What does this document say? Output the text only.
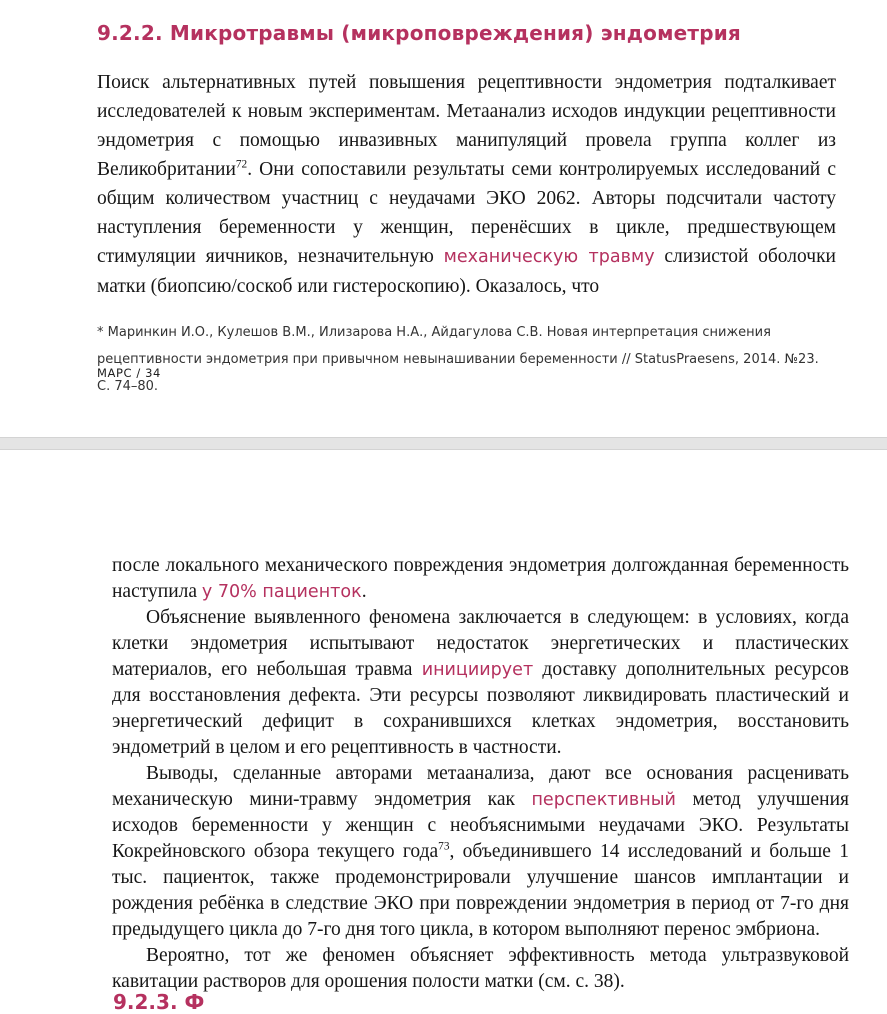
9.2.2. Микротравмы (микроповреждения) эндометрия

Поиск альтернативных путей повышения рецептивности эндометрия подталкивает исследователей к новым экспериментам. Метаанализ исходов индукции рецептивности эндометрия с помощью инвазивных манипуляций провела группа коллег из Великобритании$^{72}$. Они сопоставили результаты семи контролируемых исследований с общим количеством участниц с неудачами ЭКО 2062. Авторы подсчитали частоту наступления беременности у женщин, перенёсших в цикле, предшествующем стимуляции яичников, незначительную механическую травму слизистой оболочки матки (биопсию/соскоб или гистероскопию). Оказалось, что

* Маринкин И.О., Кулешов В.М., Илизарова Н.А., Айдагулова С.В. Новая интерпретация снижения рецептивности эндометрия при привычном невынашивании беременности // StatusPraesens, 2014. №23. С. 74–80.

МАРС / 34

после локального механического повреждения эндометрия долгожданная беременность наступила у 70% пациенток.

Объяснение выявленного феномена заключается в следующем: в условиях, когда клетки эндометрия испытывают недостаток энергетических и пластических материалов, его небольшая травма инициирует доставку дополнительных ресурсов для восстановления дефекта. Эти ресурсы позволяют ликвидировать пластический и энергетический дефицит в сохранившихся клетках эндометрия, восстановить эндометрий в целом и его рецептивность в частности.

Выводы, сделанные авторами метаанализа, дают все основания расценивать механическую мини-травму эндометрия как перспективный метод улучшения исходов беременности у женщин с необъяснимыми неудачами ЭКО. Результаты Кокрейновского обзора текущего года$^{73}$, объединившего 14 исследований и больше 1 тыс. пациенток, также продемонстрировали улучшение шансов имплантации и рождения ребёнка в следствие ЭКО при повреждении эндометрия в период от 7-го дня предыдущего цикла до 7-го дня того цикла, в котором выполняют перенос эмбриона.

Вероятно, тот же феномен объясняет эффективность метода ультразвуковой кавитации растворов для орошения полости матки (см. с. 38).

9.2.3. Ф
